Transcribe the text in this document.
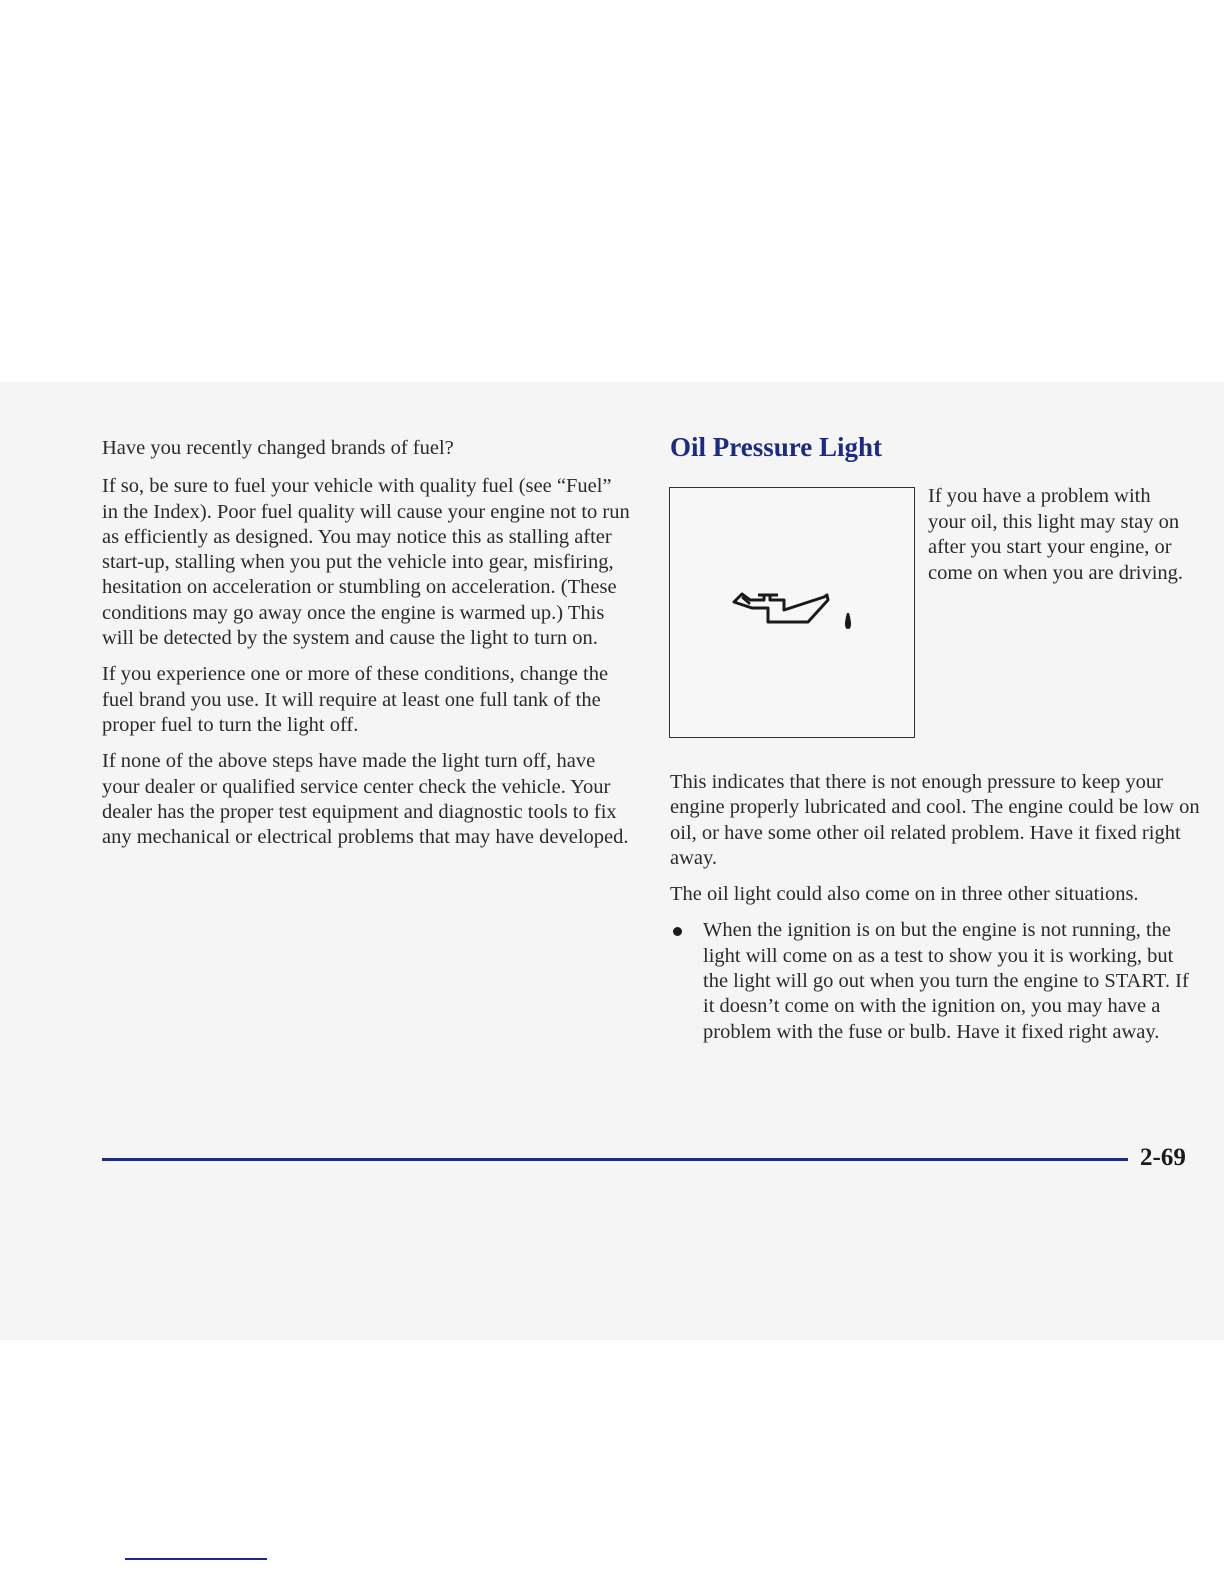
Have you recently changed brands of fuel?

If so, be sure to fuel your vehicle with quality fuel (see “Fuel” in the Index). Poor fuel quality will cause your engine not to run as efficiently as designed. You may notice this as stalling after start-up, stalling when you put the vehicle into gear, misfiring, hesitation on acceleration or stumbling on acceleration. (These conditions may go away once the engine is warmed up.) This will be detected by the system and cause the light to turn on.

If you experience one or more of these conditions, change the fuel brand you use. It will require at least one full tank of the proper fuel to turn the light off.

If none of the above steps have made the light turn off, have your dealer or qualified service center check the vehicle. Your dealer has the proper test equipment and diagnostic tools to fix any mechanical or electrical problems that may have developed.

Oil Pressure Light

If you have a problem with your oil, this light may stay on after you start your engine, or come on when you are driving.

This indicates that there is not enough pressure to keep your engine properly lubricated and cool. The engine could be low on oil, or have some other oil related problem. Have it fixed right away.

The oil light could also come on in three other situations.

When the ignition is on but the engine is not running, the light will come on as a test to show you it is working, but the light will go out when you turn the engine to START. If it doesn’t come on with the ignition on, you may have a problem with the fuse or bulb. Have it fixed right away.

2-69
